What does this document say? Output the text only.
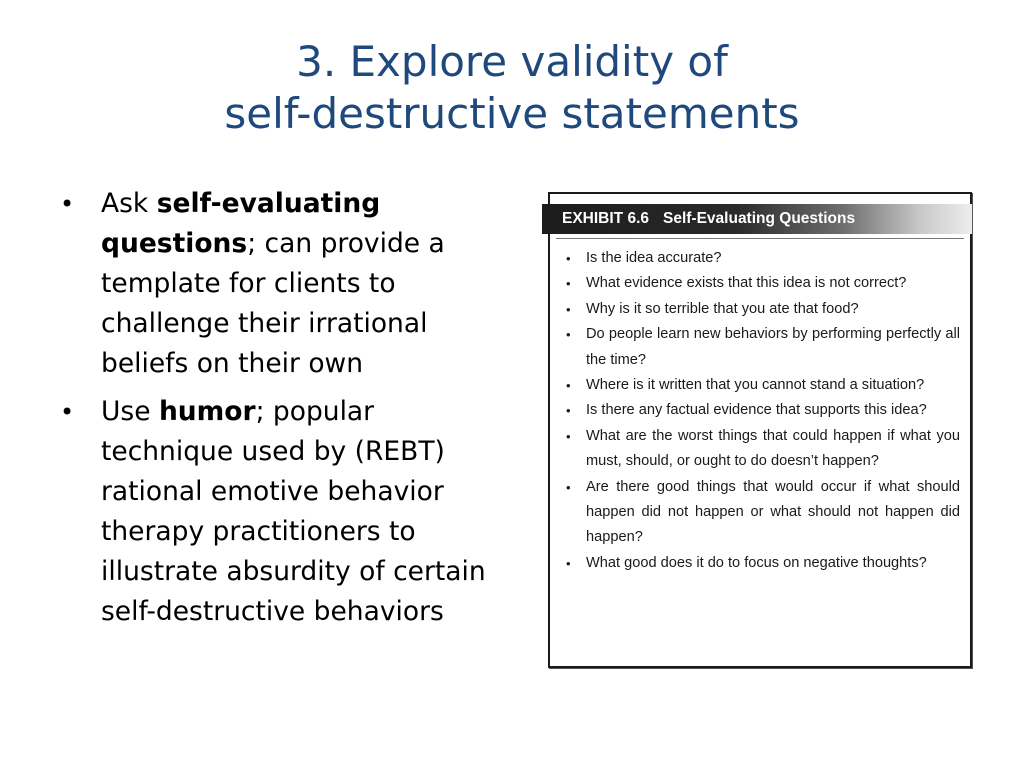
3. Explore validity of
self-destructive statements
• Ask self-evaluating questions; can provide a template for clients to challenge their irrational beliefs on their own
• Use humor; popular technique used by (REBT) rational emotive behavior therapy practitioners to illustrate absurdity of certain self-destructive behaviors
EXHIBIT 6.6 Self-Evaluating Questions
• Is the idea accurate?
• What evidence exists that this idea is not correct?
• Why is it so terrible that you ate that food?
• Do people learn new behaviors by performing perfectly all the time?
• Where is it written that you cannot stand a situation?
• Is there any factual evidence that supports this idea?
• What are the worst things that could happen if what you must, should, or ought to do doesn’t happen?
• Are there good things that would occur if what should happen did not happen or what should not happen did happen?
• What good does it do to focus on negative thoughts?
